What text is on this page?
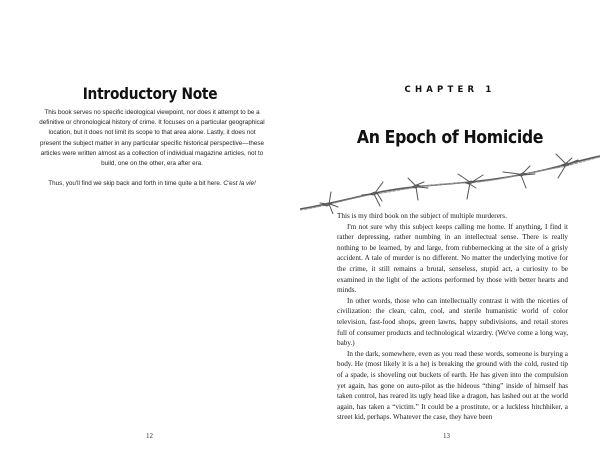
Introductory Note

This book serves no specific ideological viewpoint, nor does it attempt to be a definitive or chronological history of crime. It focuses on a particular geographical location, but it does not limit its scope to that area alone. Lastly, it does not present the subject matter in any particular specific historical perspective—these articles were written almost as a collection of individual magazine articles, not to build, one on the other, era after era.

Thus, you'll find we skip back and forth in time quite a bit here. C'est la vie!

12
CHAPTER 1
An Epoch of Homicide

This is my third book on the subject of multiple murderers.

I'm not sure why this subject keeps calling me home. If anything, I find it rather depressing, rather numbing in an intellectual sense. There is really nothing to be learned, by and large, from rubbernecking at the site of a grisly accident. A tale of murder is no different. No matter the underlying motive for the crime, it still remains a brutal, senseless, stupid act, a curiosity to be examined in the light of the actions performed by those with better hearts and minds.

In other words, those who can intellectually contrast it with the niceties of civilization: the clean, calm, cool, and sterile humanistic world of color television, fast-food shops, green lawns, happy subdivisions, and retail stores full of consumer products and technological wizardry. (We've come a long way, baby.)

In the dark, somewhere, even as you read these words, someone is burying a body. He (most likely it is a he) is breaking the ground with the cold, rusted tip of a spade, is shoveling out buckets of earth. He has given into the compulsion yet again, has gone on auto-pilot as the hideous “thing” inside of himself has taken control, has reared its ugly head like a dragon, has lashed out at the world again, has taken a “victim.” It could be a prostitute, or a luckless hitchhiker, a street kid, perhaps. Whatever the case, they have been

13
